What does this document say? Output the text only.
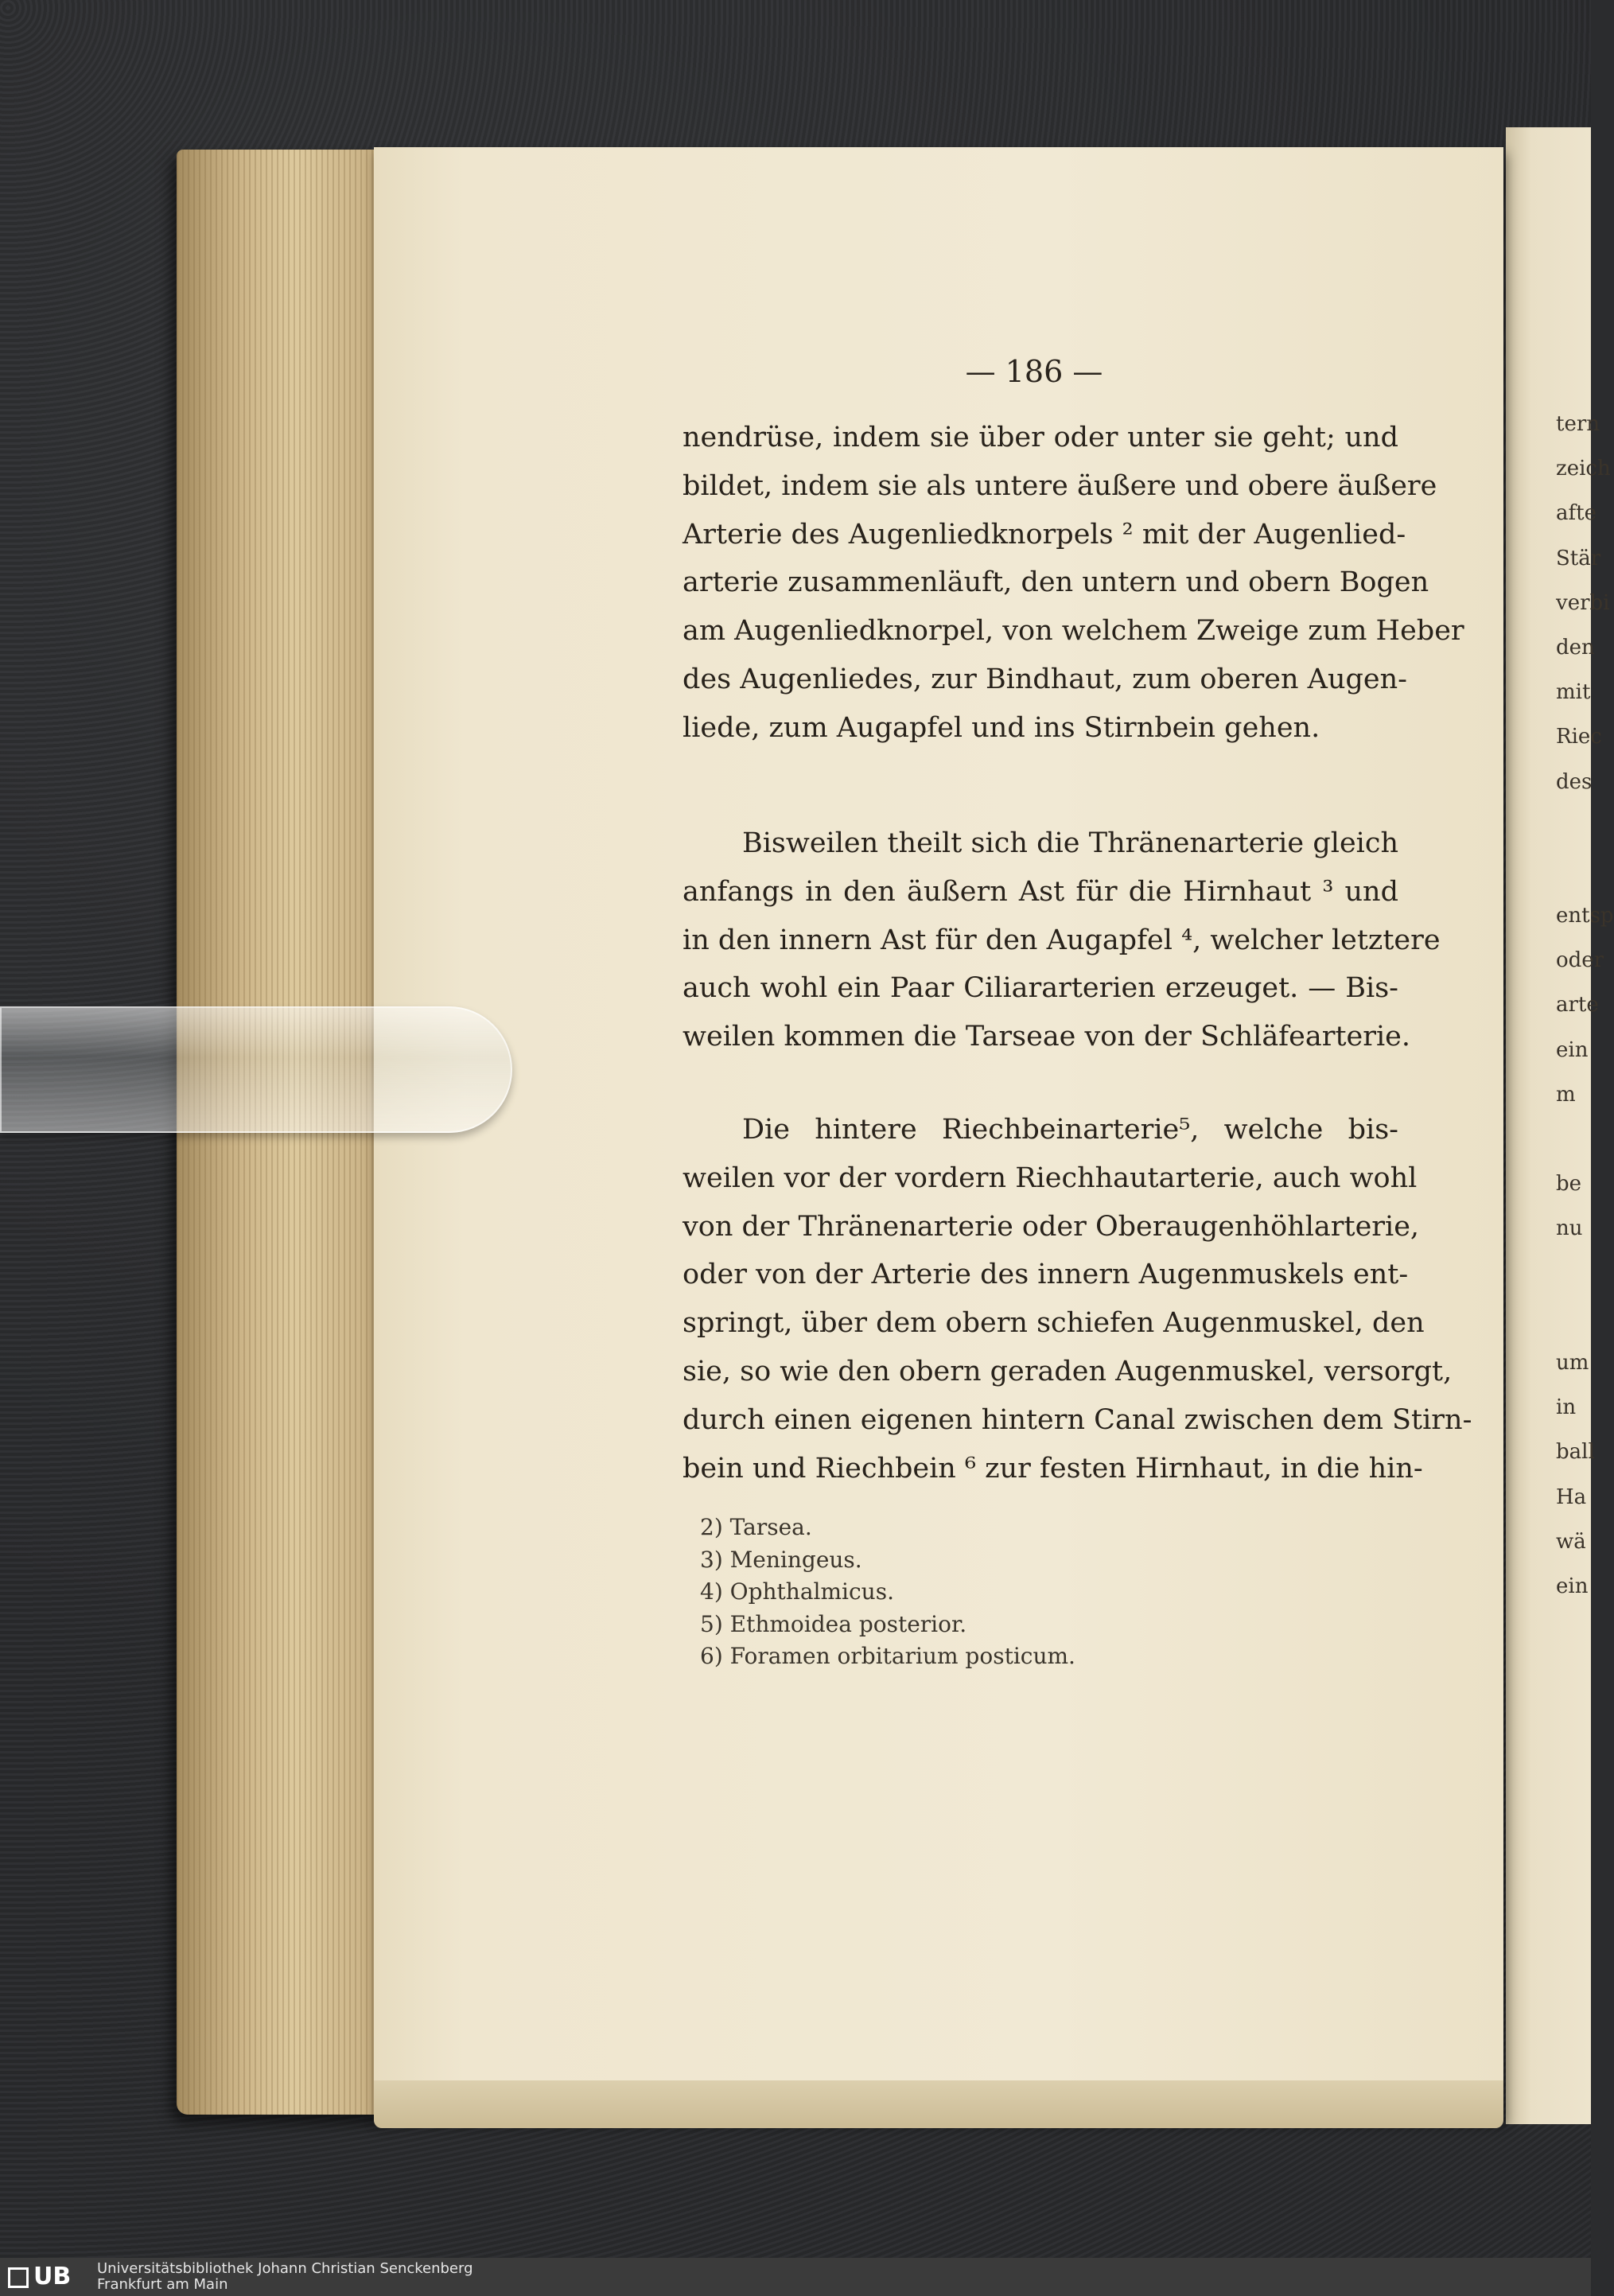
tern
zeich
afte
Stär
verbi
den
mit
Riec
des
entsp
oder
arte
ein
m
be
nu
um
in
ball
Ha
wä
ein
— 186 —
nendrüse, indem sie über oder unter sie geht; und
bildet, indem sie als untere äußere und obere äußere
Arterie des Augenliedknorpels ² mit der Augenlied-
arterie zusammenläuft, den untern und obern Bogen
am Augenliedknorpel, von welchem Zweige zum Heber
des Augenliedes, zur Bindhaut, zum oberen Augen-
liede, zum Augapfel und ins Stirnbein gehen.
Bisweilen theilt sich die Thränenarterie gleich
anfangs in den äußern Ast für die Hirnhaut ³ und
in den innern Ast für den Augapfel ⁴, welcher letztere
auch wohl ein Paar Ciliararterien erzeuget. — Bis-
weilen kommen die Tarseae von der Schläfearterie.
Die hintere Riechbeinarterie⁵, welche bis-
weilen vor der vordern Riechhautarterie, auch wohl
von der Thränenarterie oder Oberaugenhöhlarterie,
oder von der Arterie des innern Augenmuskels ent-
springt, über dem obern schiefen Augenmuskel, den
sie, so wie den obern geraden Augenmuskel, versorgt,
durch einen eigenen hintern Canal zwischen dem Stirn-
bein und Riechbein ⁶ zur festen Hirnhaut, in die hin-
2) Tarsea.
3) Meningeus.
4) Ophthalmicus.
5) Ethmoidea posterior.
6) Foramen orbitarium posticum.
UB	Universitätsbibliothek Johann Christian Senckenberg
Frankfurt am Main
